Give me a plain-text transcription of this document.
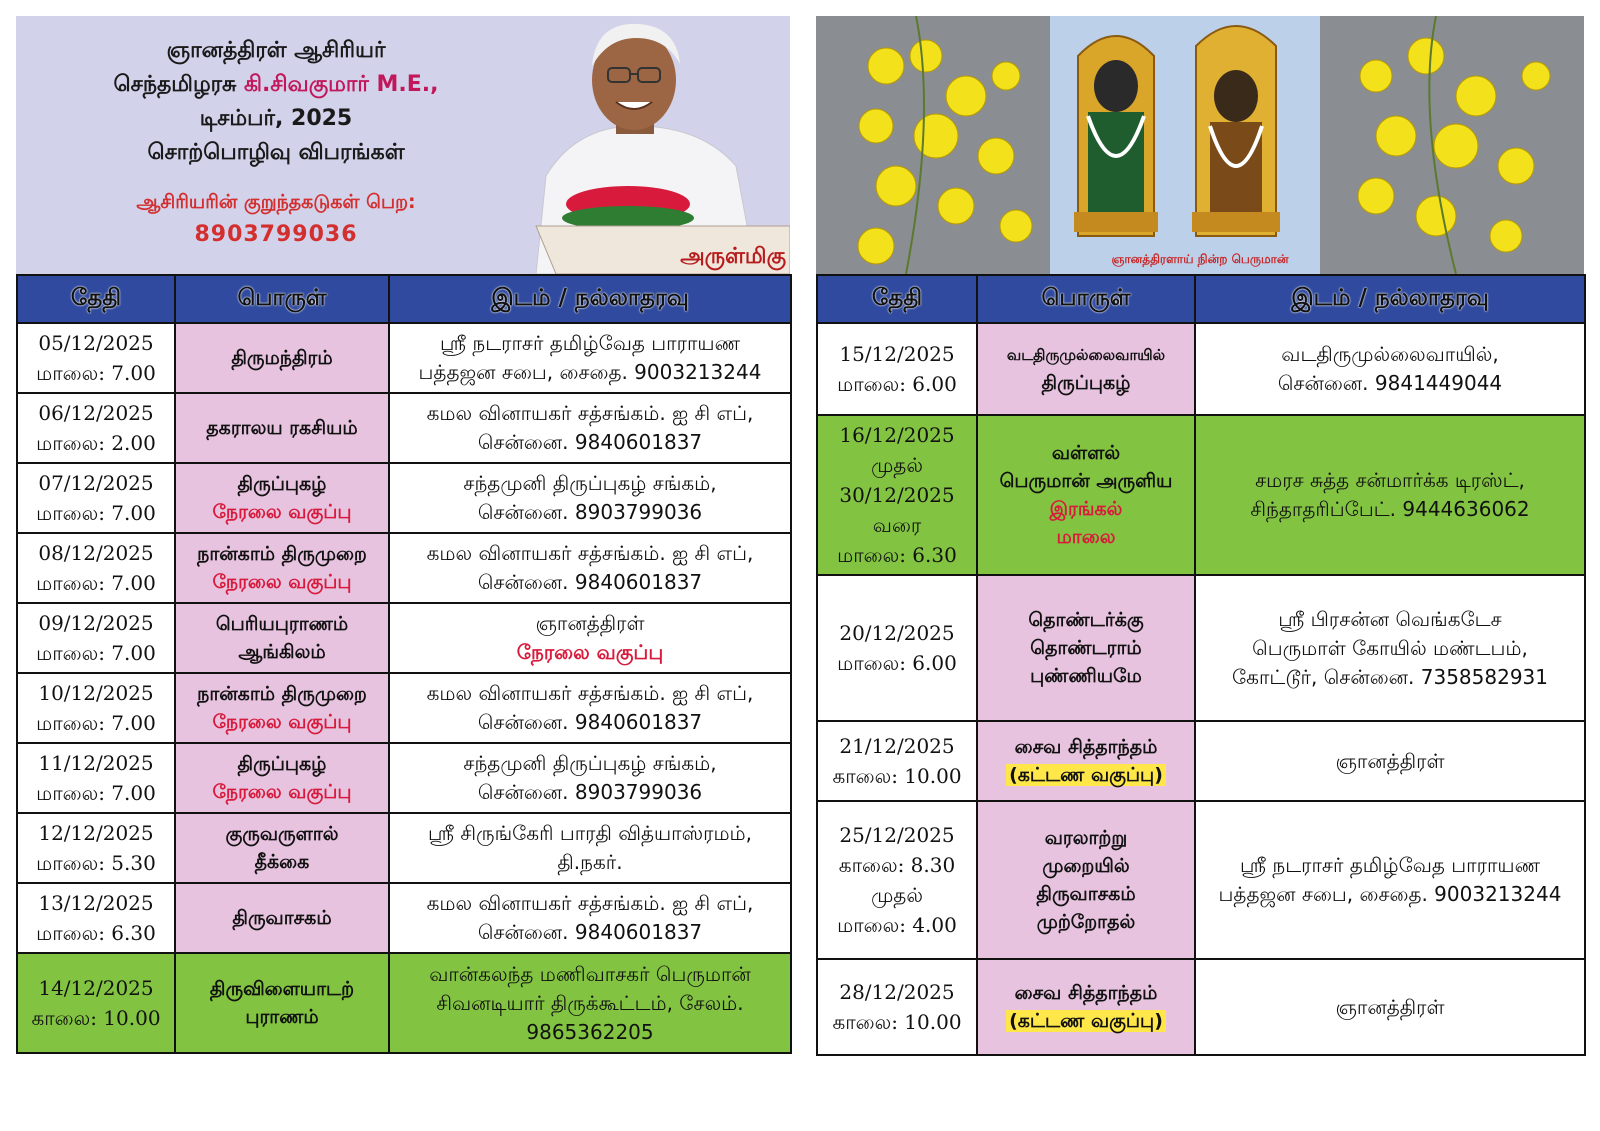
ஞானத்திரள் ஆசிரியர்
செந்தமிழரசு கி.சிவகுமார் M.E.,
டிசம்பர், 2025
சொற்பொழிவு விபரங்கள்
ஆசிரியரின் குறுந்தகடுகள் பெற:
8903799036
அருள்மிகு	ஞானத்திரளாய் நின்ற பெருமான்
தேதி	பொருள்	இடம் / நல்லாதரவு

05/12/2025
மாலை: 7.00	திருமந்திரம்	ஸ்ரீ நடராசர் தமிழ்வேத பாராயண
பத்தஜன சபை, சைதை. 9003213244

06/12/2025
மாலை: 2.00	தகராலய ரகசியம்	கமல வினாயகர் சத்சங்கம். ஐ சி எப்,
சென்னை. 9840601837

07/12/2025
மாலை: 7.00	திருப்புகழ்
நேரலை வகுப்பு	சந்தமுனி திருப்புகழ் சங்கம்,
சென்னை. 8903799036

08/12/2025
மாலை: 7.00	நான்காம் திருமுறை
நேரலை வகுப்பு	கமல வினாயகர் சத்சங்கம். ஐ சி எப்,
சென்னை. 9840601837

09/12/2025
மாலை: 7.00	பெரியபுராணம்
ஆங்கிலம்	ஞானத்திரள்
நேரலை வகுப்பு

10/12/2025
மாலை: 7.00	நான்காம் திருமுறை
நேரலை வகுப்பு	கமல வினாயகர் சத்சங்கம். ஐ சி எப்,
சென்னை. 9840601837

11/12/2025
மாலை: 7.00	திருப்புகழ்
நேரலை வகுப்பு	சந்தமுனி திருப்புகழ் சங்கம்,
சென்னை. 8903799036

12/12/2025
மாலை: 5.30	குருவருளால்
தீக்கை	ஸ்ரீ சிருங்கேரி பாரதி வித்யாஸ்ரமம்,
தி.நகர்.

13/12/2025
மாலை: 6.30	திருவாசகம்	கமல வினாயகர் சத்சங்கம். ஐ சி எப்,
சென்னை. 9840601837

14/12/2025
காலை: 10.00	திருவிளையாடற்
புராணம்	வான்கலந்த மணிவாசகர் பெருமான்
சிவனடியார் திருக்கூட்டம், சேலம்.
9865362205
தேதி	பொருள்	இடம் / நல்லாதரவு

15/12/2025
மாலை: 6.00	வடதிருமுல்லைவாயில்
திருப்புகழ்	வடதிருமுல்லைவாயில்,
சென்னை. 9841449044

16/12/2025
முதல்
30/12/2025
வரை
மாலை: 6.30	வள்ளல்
பெருமான் அருளிய
இரங்கல்
மாலை	சமரச சுத்த சன்மார்க்க டிரஸ்ட்,
சிந்தாதரிப்பேட். 9444636062

20/12/2025
மாலை: 6.00	தொண்டர்க்கு
தொண்டராம்
புண்ணியமே	ஸ்ரீ பிரசன்ன வெங்கடேச
பெருமாள் கோயில் மண்டபம்,
கோட்டூர், சென்னை. 7358582931

21/12/2025
காலை: 10.00	சைவ சித்தாந்தம்
(கட்டண வகுப்பு)	ஞானத்திரள்

25/12/2025
காலை: 8.30
முதல்
மாலை: 4.00	வரலாற்று
முறையில்
திருவாசகம்
முற்றோதல்	ஸ்ரீ நடராசர் தமிழ்வேத பாராயண
பத்தஜன சபை, சைதை. 9003213244

28/12/2025
காலை: 10.00	சைவ சித்தாந்தம்
(கட்டண வகுப்பு)	ஞானத்திரள்
